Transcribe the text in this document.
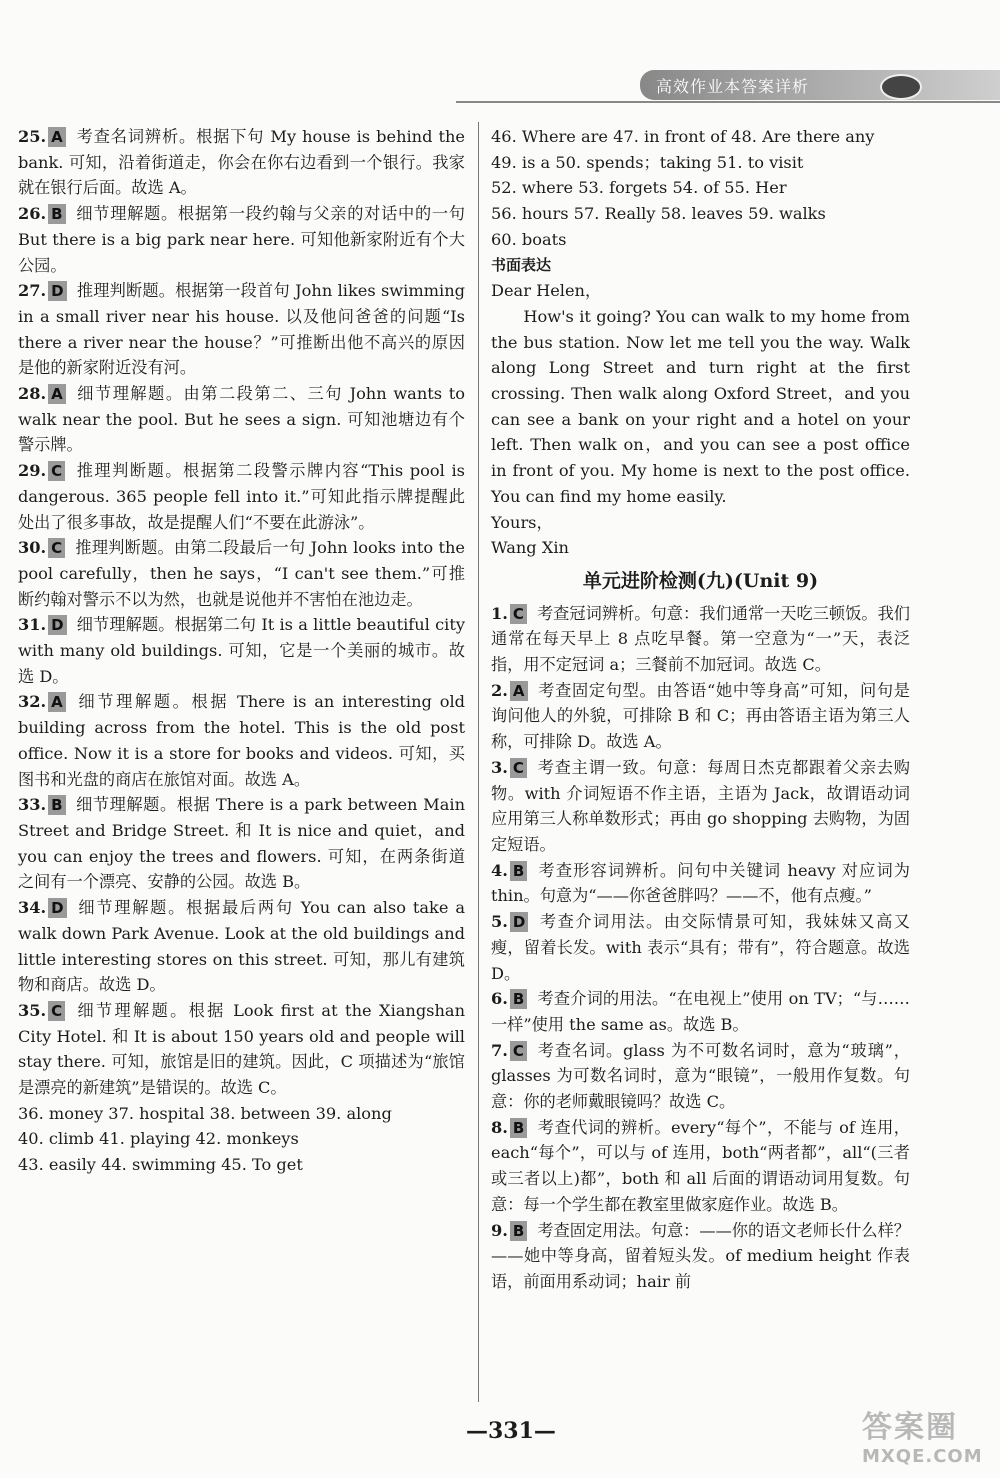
高效作业本答案详析

25. A 考查名词辨析。根据下句 My house is behind the bank. 可知，沿着街道走，你会在你右边看到一个银行。我家就在银行后面。故选 A。

26. B 细节理解题。根据第一段约翰与父亲的对话中的一句 But there is a big park near here. 可知他新家附近有个大公园。

27. D 推理判断题。根据第一段首句 John likes swimming in a small river near his house. 以及他问爸爸的问题“Is there a river near the house？”可推断出他不高兴的原因是他的新家附近没有河。

28. A 细节理解题。由第二段第二、三句 John wants to walk near the pool. But he sees a sign. 可知池塘边有个警示牌。

29. C 推理判断题。根据第二段警示牌内容“This pool is dangerous. 365 people fell into it.”可知此指示牌提醒此处出了很多事故，故是提醒人们“不要在此游泳”。

30. C 推理判断题。由第二段最后一句 John looks into the pool carefully，then he says，“I can't see them.”可推断约翰对警示不以为然，也就是说他并不害怕在池边走。

31. D 细节理解题。根据第二句 It is a little beautiful city with many old buildings. 可知，它是一个美丽的城市。故选 D。

32. A 细节理解题。根据 There is an interesting old building across from the hotel. This is the old post office. Now it is a store for books and videos. 可知，买图书和光盘的商店在旅馆对面。故选 A。

33. B 细节理解题。根据 There is a park between Main Street and Bridge Street. 和 It is nice and quiet，and you can enjoy the trees and flowers. 可知，在两条街道之间有一个漂亮、安静的公园。故选 B。

34. D 细节理解题。根据最后两句 You can also take a walk down Park Avenue. Look at the old buildings and little interesting stores on this street. 可知，那儿有建筑物和商店。故选 D。

35. C 细节理解题。根据 Look first at the Xiangshan City Hotel. 和 It is about 150 years old and people will stay there. 可知，旅馆是旧的建筑。因此，C 项描述为“旅馆是漂亮的新建筑”是错误的。故选 C。

36. money 37. hospital 38. between 39. along
40. climb 41. playing 42. monkeys
43. easily 44. swimming 45. To get
46. Where are 47. in front of 48. Are there any
49. is a 50. spends；taking 51. to visit
52. where 53. forgets 54. of 55. Her
56. hours 57. Really 58. leaves 59. walks
60. boats

书面表达

Dear Helen，

How's it going? You can walk to my home from the bus station. Now let me tell you the way. Walk along Long Street and turn right at the first crossing. Then walk along Oxford Street，and you can see a bank on your right and a hotel on your left. Then walk on，and you can see a post office in front of you. My home is next to the post office. You can find my home easily.

Yours，

Wang Xin

单元进阶检测(九)(Unit 9)

1. C 考查冠词辨析。句意：我们通常一天吃三顿饭。我们通常在每天早上 8 点吃早餐。第一空意为“一”天，表泛指，用不定冠词 a；三餐前不加冠词。故选 C。

2. A 考查固定句型。由答语“她中等身高”可知，问句是询问他人的外貌，可排除 B 和 C；再由答语主语为第三人称，可排除 D。故选 A。

3. C 考查主谓一致。句意：每周日杰克都跟着父亲去购物。with 介词短语不作主语，主语为 Jack，故谓语动词应用第三人称单数形式；再由 go shopping 去购物，为固定短语。

4. B 考查形容词辨析。问句中关键词 heavy 对应词为 thin。句意为“——你爸爸胖吗？——不，他有点瘦。”

5. D 考查介词用法。由交际情景可知，我妹妹又高又瘦，留着长发。with 表示“具有；带有”，符合题意。故选 D。

6. B 考查介词的用法。“在电视上”使用 on TV；“与……一样”使用 the same as。故选 B。

7. C 考查名词。glass 为不可数名词时，意为“玻璃”，glasses 为可数名词时，意为“眼镜”，一般用作复数。句意：你的老师戴眼镜吗？故选 C。

8. B 考查代词的辨析。every“每个”，不能与 of 连用，each“每个”，可以与 of 连用，both“两者都”，all“(三者或三者以上)都”，both 和 all 后面的谓语动词用复数。句意：每一个学生都在教室里做家庭作业。故选 B。

9. B 考查固定用法。句意：——你的语文老师长什么样？——她中等身高，留着短头发。of medium height 作表语，前面用系动词；hair 前

—331—	答案圈
MXQE.COM
